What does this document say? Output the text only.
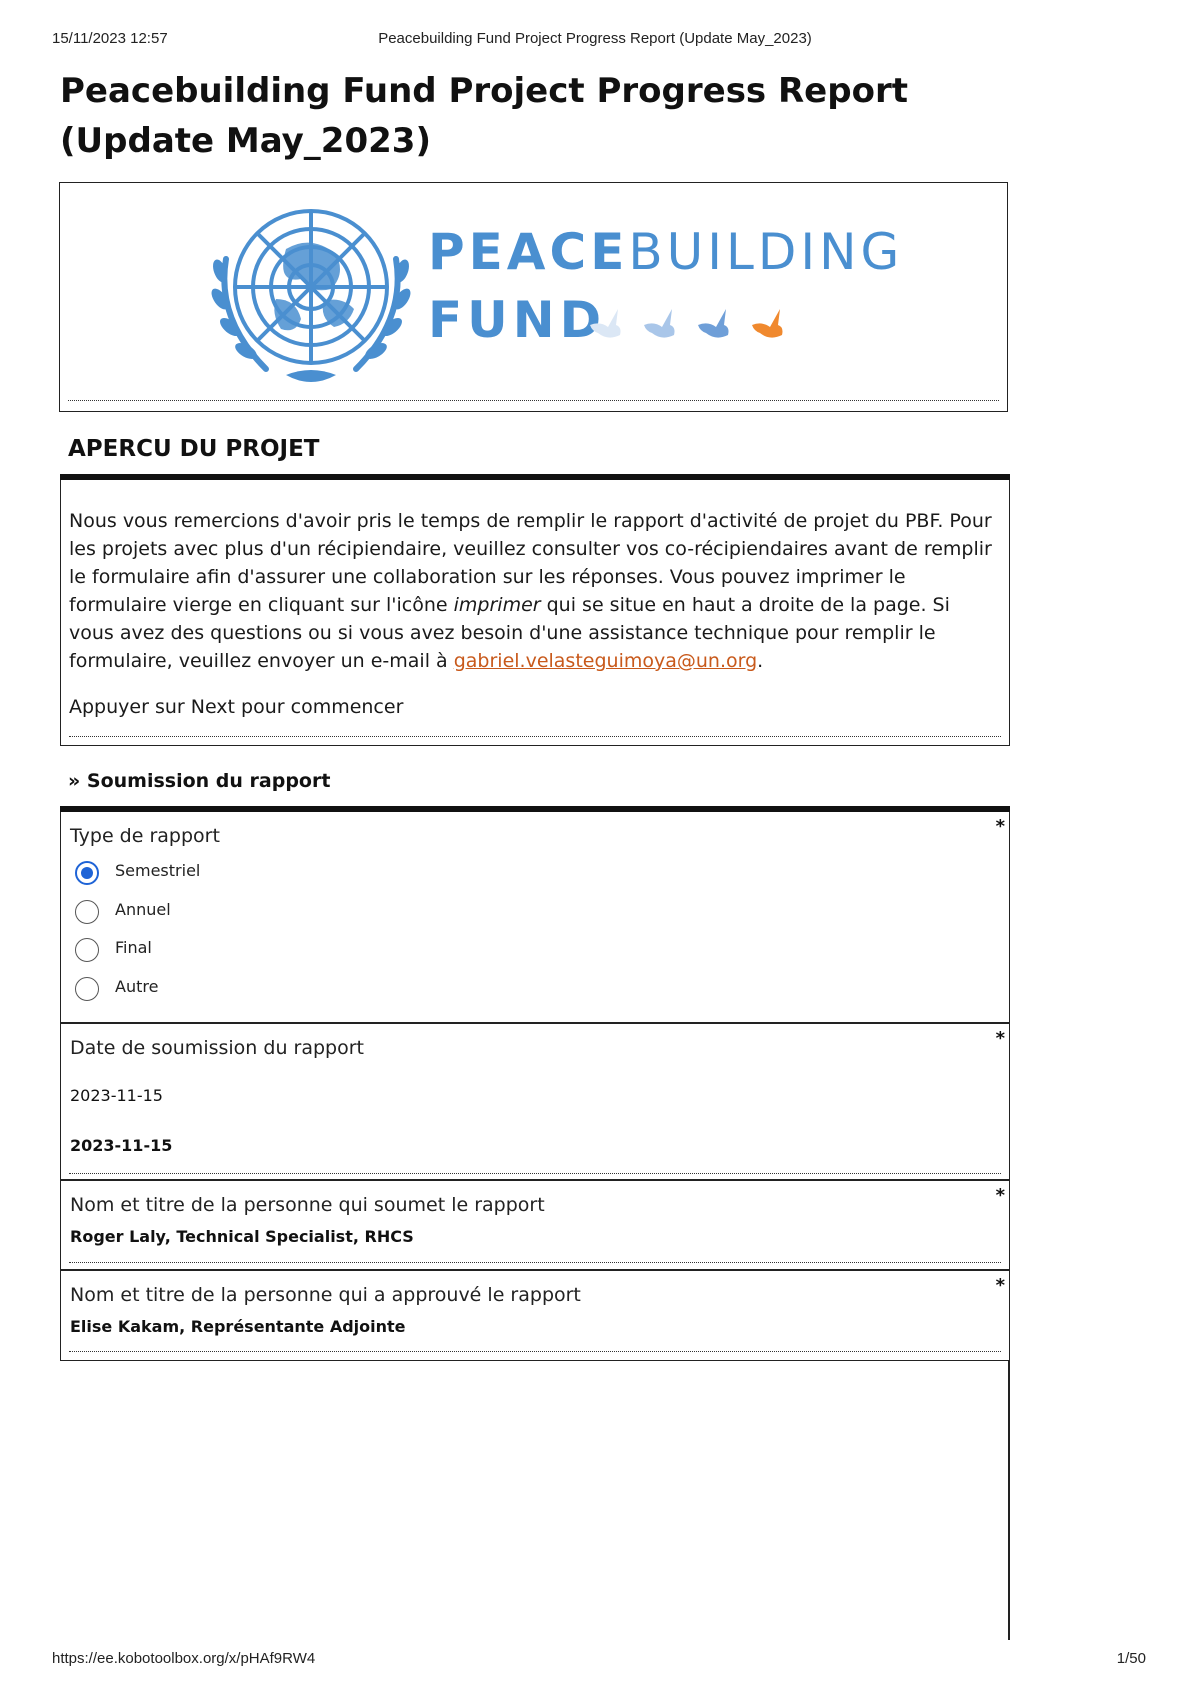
15/11/2023 12:57	Peacebuilding Fund Project Progress Report (Update May_2023)
Peacebuilding Fund Project Progress Report (Update May_2023)
PEACEBUILDING
FUND
APERCU DU PROJET

Nous vous remercions d'avoir pris le temps de remplir le rapport d'activité de projet du PBF. Pour les projets avec plus d'un récipiendaire, veuillez consulter vos co-récipiendaires avant de remplir le formulaire afin d'assurer une collaboration sur les réponses. Vous pouvez imprimer le formulaire vierge en cliquant sur l'icône imprimer qui se situe en haut a droite de la page. Si vous avez des questions ou si vous avez besoin d'une assistance technique pour remplir le formulaire, veuillez envoyer un e-mail à gabriel.velasteguimoya@un.org.

Appuyer sur Next pour commencer

» Soumission du rapport
Type de rapport	*
Semestriel
Annuel
Final
Autre
Date de soumission du rapport	*
2023-11-15
2023-11-15
Nom et titre de la personne qui soumet le rapport	*
Roger Laly, Technical Specialist, RHCS
Nom et titre de la personne qui a approuvé le rapport	*
Elise Kakam, Représentante Adjointe
https://ee.kobotoolbox.org/x/pHAf9RW4	1/50
